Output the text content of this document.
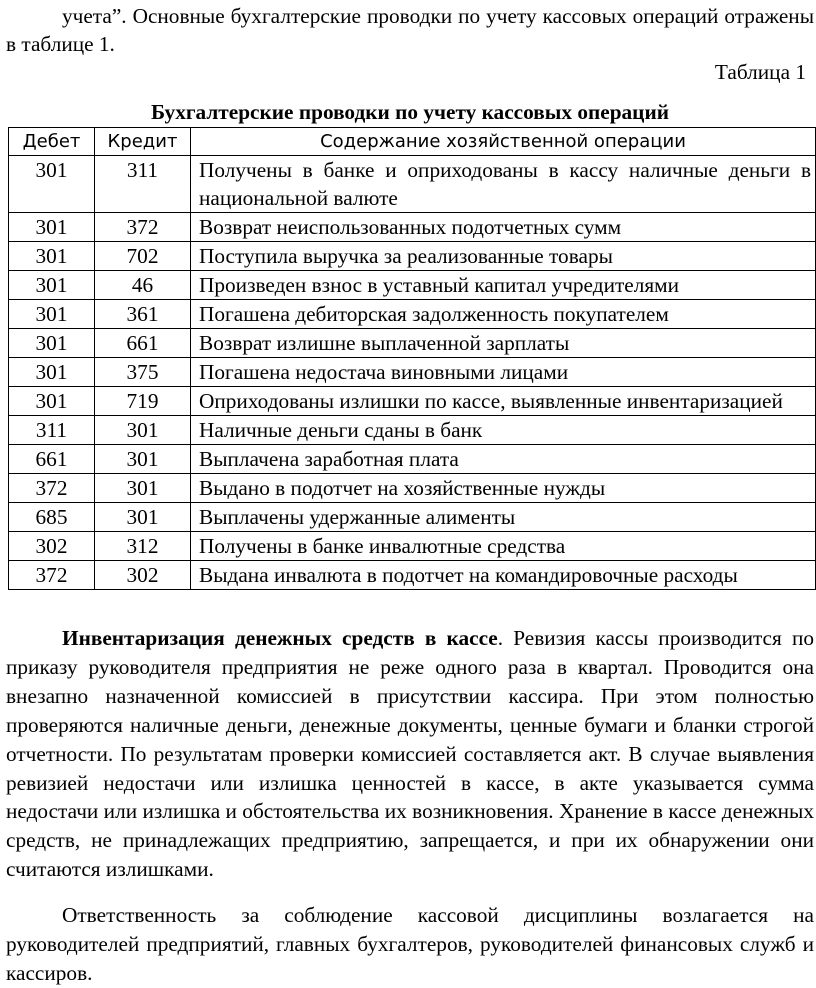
учета”. Основные бухгалтерские проводки по учету кассовых операций отражены в таблице 1.

Таблица 1

Бухгалтерские проводки по учету кассовых операций

Дебет	Кредит	Содержание хозяйственной операции
301	311	Получены в банке и оприходованы в кассу наличные деньги в национальной валюте
301	372	Возврат неиспользованных подотчетных сумм
301	702	Поступила выручка за реализованные товары
301	46	Произведен взнос в уставный капитал учредителями
301	361	Погашена дебиторская задолженность покупателем
301	661	Возврат излишне выплаченной зарплаты
301	375	Погашена недостача виновными лицами
301	719	Оприходованы излишки по кассе, выявленные инвентаризацией
311	301	Наличные деньги сданы в банк
661	301	Выплачена заработная плата
372	301	Выдано в подотчет на хозяйственные нужды
685	301	Выплачены удержанные алименты
302	312	Получены в банке инвалютные средства
372	302	Выдана инвалюта в подотчет на командировочные расходы

Инвентаризация денежных средств в кассе. Ревизия кассы производится по приказу руководителя предприятия не реже одного раза в квартал. Проводится она внезапно назначенной комиссией в присутствии кассира. При этом полностью проверяются наличные деньги, денежные документы, ценные бумаги и бланки строгой отчетности. По результатам проверки комиссией составляется акт. В случае выявления ревизией недостачи или излишка ценностей в кассе, в акте указывается сумма недостачи или излишка и обстоятельства их возникновения. Хранение в кассе денежных средств, не принадлежащих предприятию, запрещается, и при их обнаружении они считаются излишками.

Ответственность за соблюдение кассовой дисциплины возлагается на руководителей предприятий, главных бухгалтеров, руководителей финансовых служб и кассиров.
